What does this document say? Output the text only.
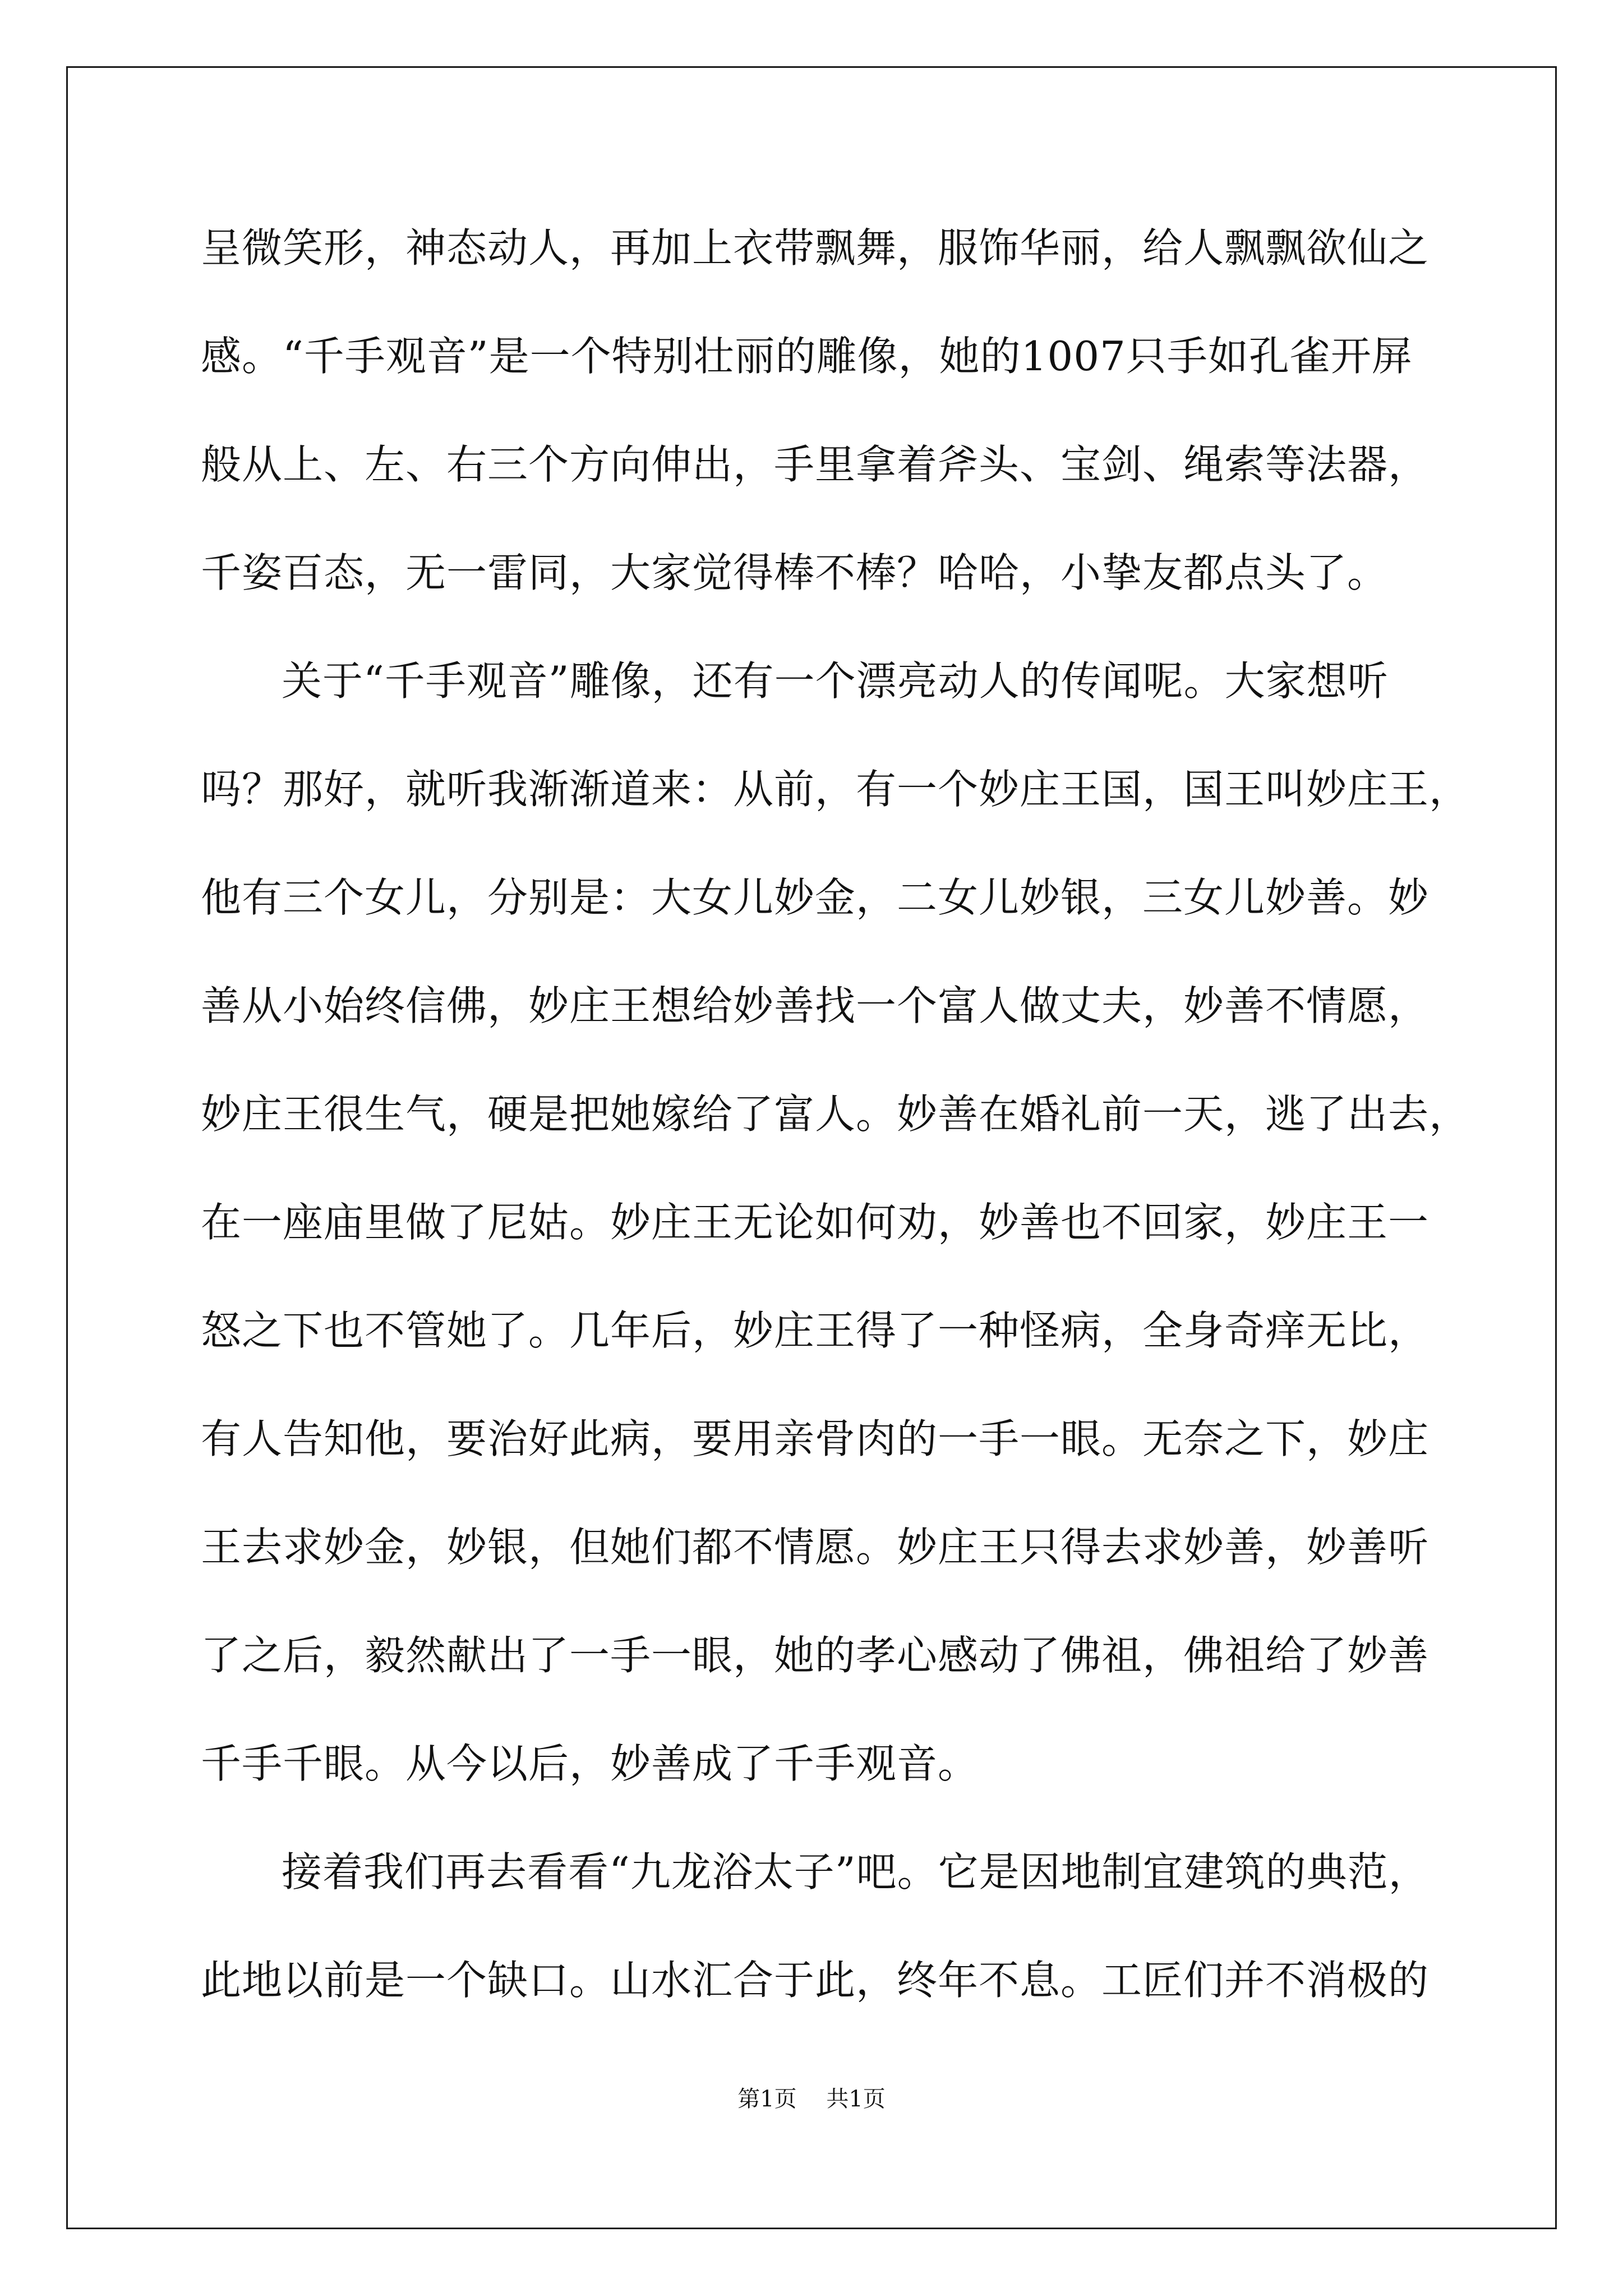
呈微笑形，神态动人，再加上衣带飘舞，服饰华丽，给人飘飘欲仙之
感。“千手观音”是一个特别壮丽的雕像，她的1007只手如孔雀开屏
般从上、左、右三个方向伸出，手里拿着斧头、宝剑、绳索等法器，
千姿百态，无一雷同，大家觉得棒不棒？哈哈，小挚友都点头了。
关于“千手观音”雕像，还有一个漂亮动人的传闻呢。大家想听
吗？那好，就听我渐渐道来：从前，有一个妙庄王国，国王叫妙庄王，
他有三个女儿，分别是：大女儿妙金，二女儿妙银，三女儿妙善。妙
善从小始终信佛，妙庄王想给妙善找一个富人做丈夫，妙善不情愿，
妙庄王很生气，硬是把她嫁给了富人。妙善在婚礼前一天，逃了出去，
在一座庙里做了尼姑。妙庄王无论如何劝，妙善也不回家，妙庄王一
怒之下也不管她了。几年后，妙庄王得了一种怪病，全身奇痒无比，
有人告知他，要治好此病，要用亲骨肉的一手一眼。无奈之下，妙庄
王去求妙金，妙银，但她们都不情愿。妙庄王只得去求妙善，妙善听
了之后，毅然献出了一手一眼，她的孝心感动了佛祖，佛祖给了妙善
千手千眼。从今以后，妙善成了千手观音。
接着我们再去看看“九龙浴太子”吧。它是因地制宜建筑的典范，
此地以前是一个缺口。山水汇合于此，终年不息。工匠们并不消极的
第1页 共1页
